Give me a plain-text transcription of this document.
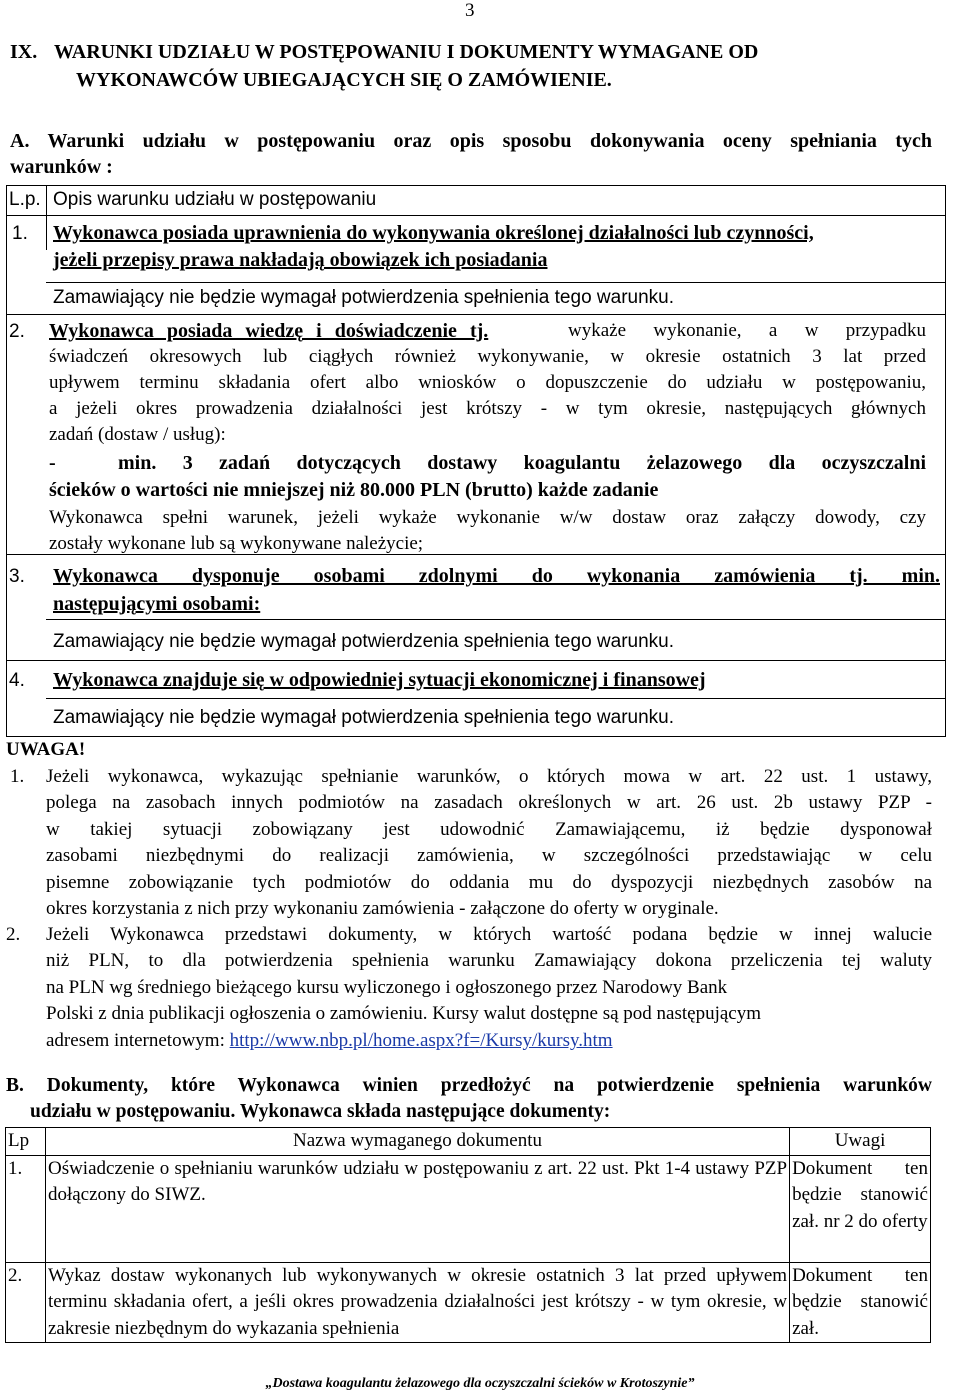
3
IX. WARUNKI UDZIAŁU W POSTĘPOWANIU I DOKUMENTY WYMAGANE OD
WYKONAWCÓW UBIEGAJĄCYCH SIĘ O ZAMÓWIENIE.
A. Warunki udziału w postępowaniu oraz opis sposobu dokonywania oceny spełniania tych
warunków :
L.p. Opis warunku udziału w postępowaniu
1. Wykonawca posiada uprawnienia do wykonywania określonej działalności lub czynności,
jeżeli przepisy prawa nakładają obowiązek ich posiadania
Zamawiający nie będzie wymagał potwierdzenia spełnienia tego warunku.
2. Wykonawca posiada wiedzę i doświadczenie tj.	wykaże wykonanie, a w przypadku
świadczeń okresowych lub ciągłych również wykonywanie, w okresie ostatnich 3 lat przed
upływem terminu składania ofert albo wniosków o dopuszczenie do udziału w postępowaniu,
a jeżeli okres prowadzenia działalności jest krótszy - w tym okresie, następujących głównych
zadań (dostaw / usług):
-	min. 3 zadań dotyczących dostawy koagulantu żelazowego dla oczyszczalni
ścieków o wartości nie mniejszej niż 80.000 PLN (brutto) każde zadanie
Wykonawca spełni warunek, jeżeli wykaże wykonanie w/w dostaw oraz załączy dowody, czy
zostały wykonane lub są wykonywane należycie;
3. Wykonawca dysponuje osobami zdolnymi do wykonania zamówienia tj. min.
następującymi osobami:
Zamawiający nie będzie wymagał potwierdzenia spełnienia tego warunku.
4. Wykonawca znajduje się w odpowiedniej sytuacji ekonomicznej i finansowej
Zamawiający nie będzie wymagał potwierdzenia spełnienia tego warunku.
UWAGA!
1. Jeżeli wykonawca, wykazując spełnianie warunków, o których mowa w art. 22 ust. 1 ustawy,
polega na zasobach innych podmiotów na zasadach określonych w art. 26 ust. 2b ustawy PZP -
w takiej sytuacji zobowiązany jest udowodnić Zamawiającemu, iż będzie dysponował
zasobami niezbędnymi do realizacji zamówienia, w szczególności przedstawiając w celu
pisemne zobowiązanie tych podmiotów do oddania mu do dyspozycji niezbędnych zasobów na
okres korzystania z nich przy wykonaniu zamówienia - załączone do oferty w oryginale.
2. Jeżeli Wykonawca przedstawi dokumenty, w których wartość podana będzie w innej walucie
niż PLN, to dla potwierdzenia spełnienia warunku Zamawiający dokona przeliczenia tej waluty
na PLN wg średniego bieżącego kursu wyliczonego i ogłoszonego przez Narodowy Bank
Polski z dnia publikacji ogłoszenia o zamówieniu. Kursy walut dostępne są pod następującym
adresem internetowym: http://www.nbp.pl/home.aspx?f=/Kursy/kursy.htm
B. Dokumenty, które Wykonawca winien przedłożyć na potwierdzenie spełnienia warunków
udziału w postępowaniu. Wykonawca składa następujące dokumenty:
Lp	Nazwa wymaganego dokumentu	Uwagi
1.	Oświadczenie o spełnianiu warunków udziału w postępowaniu z art. 22 ust. Pkt 1-4 ustawy PZP dołączony do SIWZ.	Dokument ten będzie stanowić zał. nr 2 do oferty
2.	Wykaz dostaw wykonanych lub wykonywanych w okresie ostatnich 3 lat przed upływem terminu składania ofert, a jeśli okres prowadzenia działalności jest krótszy - w tym okresie, w zakresie niezbędnym do wykazania spełnienia	Dokument ten będzie stanowić zał.
„Dostawa koagulantu żelazowego dla oczyszczalni ścieków w Krotoszynie”
